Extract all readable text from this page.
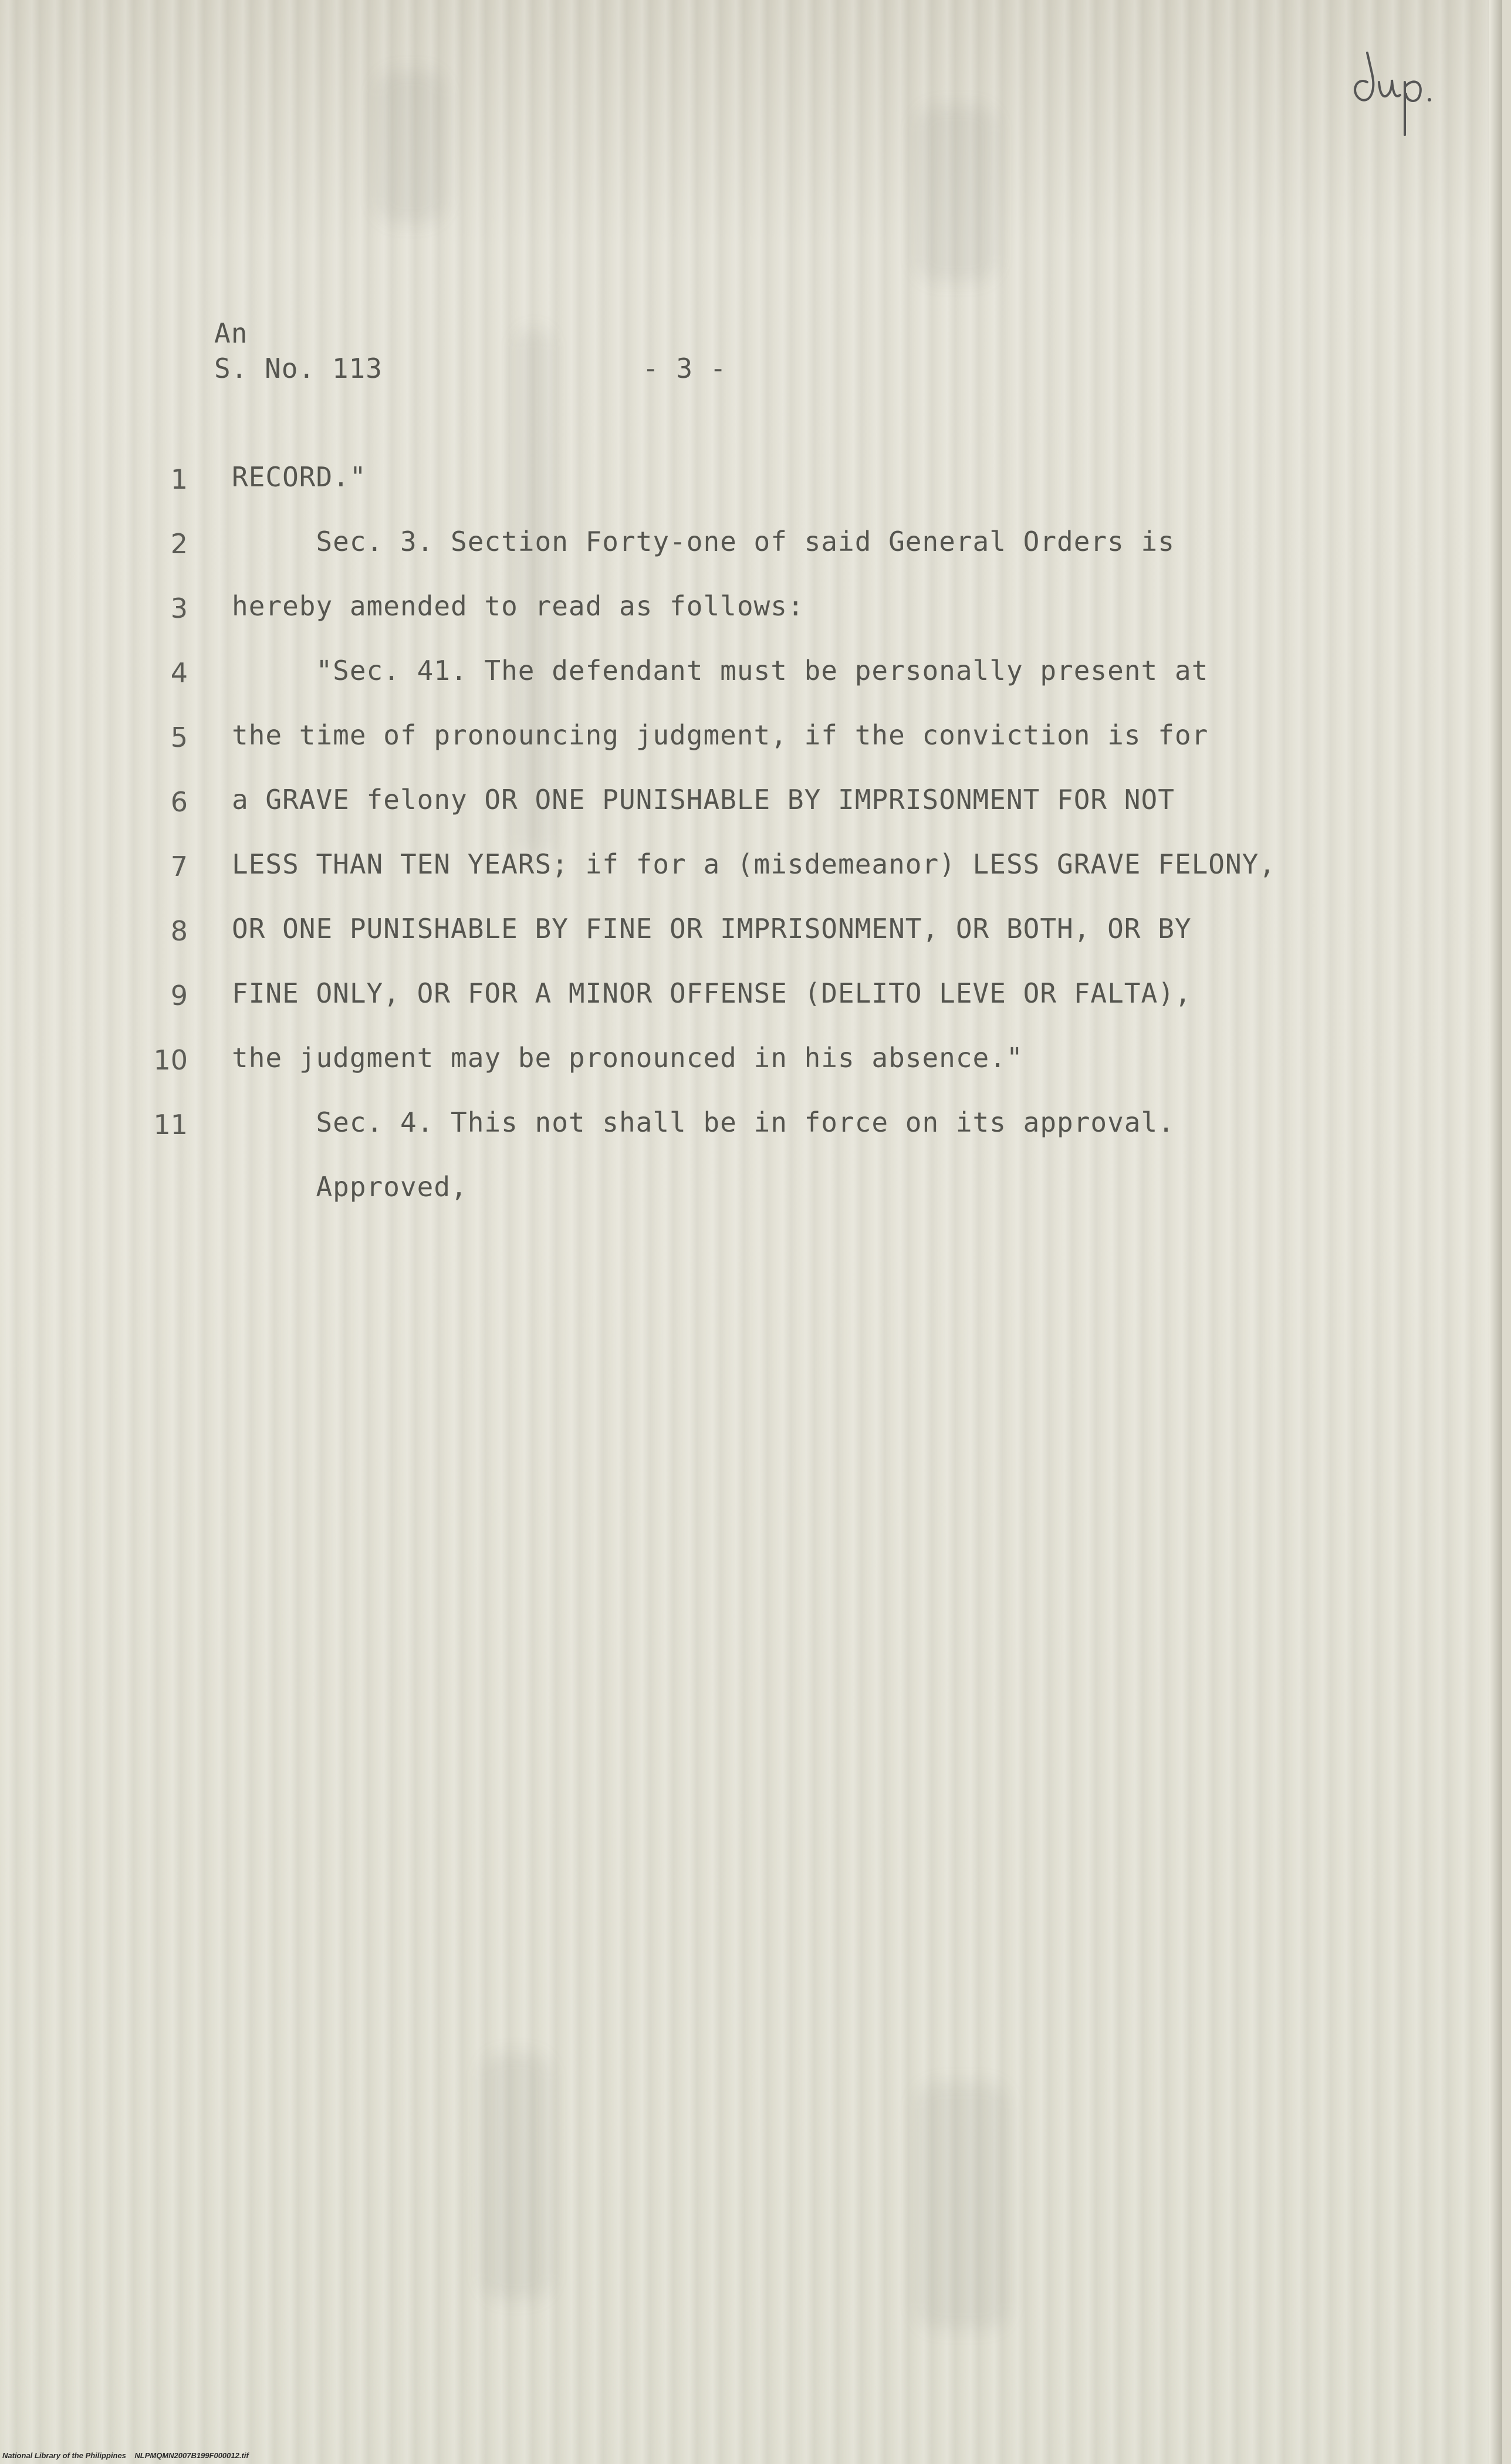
An
S. No. 113	- 3 -
1 RECORD."
2 Sec. 3. Section Forty-one of said General Orders is
3 hereby amended to read as follows:
4 "Sec. 41. The defendant must be personally present at
5 the time of pronouncing judgment, if the conviction is for
6 a GRAVE felony OR ONE PUNISHABLE BY IMPRISONMENT FOR NOT
7 LESS THAN TEN YEARS; if for a (misdemeanor) LESS GRAVE FELONY,
8 OR ONE PUNISHABLE BY FINE OR IMPRISONMENT, OR BOTH, OR BY
9 FINE ONLY, OR FOR A MINOR OFFENSE (DELITO LEVE OR FALTA),
10 the judgment may be pronounced in his absence."
11 Sec. 4. This not shall be in force on its approval.
Approved,
National Library of the Philippines    NLPMQMN2007B199F000012.tif
